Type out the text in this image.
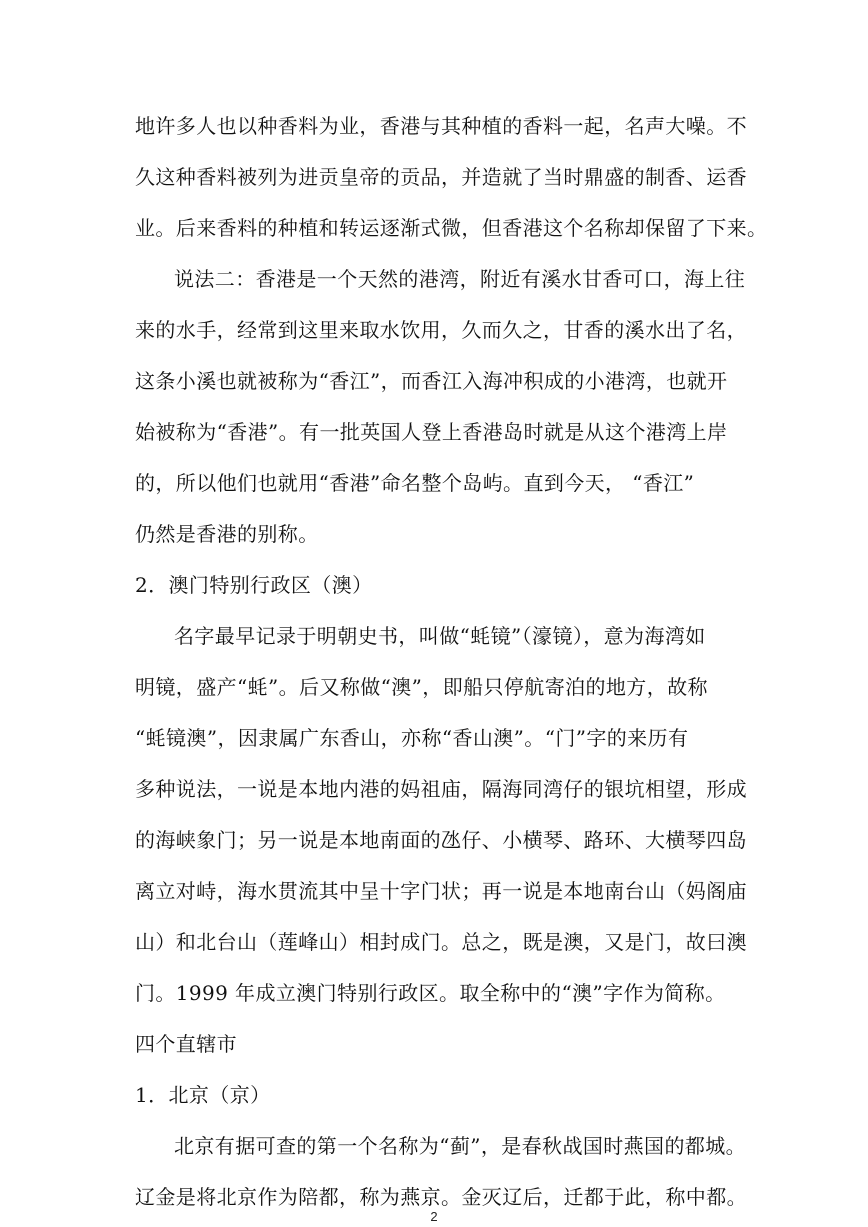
地许多人也以种香料为业，香港与其种植的香料一起，名声大噪。不
久这种香料被列为进贡皇帝的贡品，并造就了当时鼎盛的制香、运香
业。后来香料的种植和转运逐渐式微，但香港这个名称却保留了下来。
说法二：香港是一个天然的港湾，附近有溪水甘香可口，海上往
来的水手，经常到这里来取水饮用，久而久之，甘香的溪水出了名，
这条小溪也就被称为“香江”，而香江入海冲积成的小港湾，也就开
始被称为“香港”。有一批英国人登上香港岛时就是从这个港湾上岸
的，所以他们也就用“香港”命名整个岛屿。直到今天， “香江”
仍然是香港的别称。
2．澳门特别行政区（澳）
名字最早记录于明朝史书，叫做“蚝镜”（濠镜），意为海湾如
明镜，盛产“蚝”。后又称做“澳”，即船只停航寄泊的地方，故称
“蚝镜澳”，因隶属广东香山，亦称“香山澳”。“门”字的来历有
多种说法，一说是本地内港的妈祖庙，隔海同湾仔的银坑相望，形成
的海峡象门；另一说是本地南面的氹仔、小横琴、路环、大横琴四岛
离立对峙，海水贯流其中呈十字门状；再一说是本地南台山（妈阁庙
山）和北台山（莲峰山）相封成门。总之，既是澳，又是门，故曰澳
门。1999 年成立澳门特别行政区。取全称中的“澳”字作为简称。
四个直辖市
1．北京（京）
北京有据可查的第一个名称为“蓟”，是春秋战国时燕国的都城。
辽金是将北京作为陪都，称为燕京。金灭辽后，迁都于此，称中都。
2
